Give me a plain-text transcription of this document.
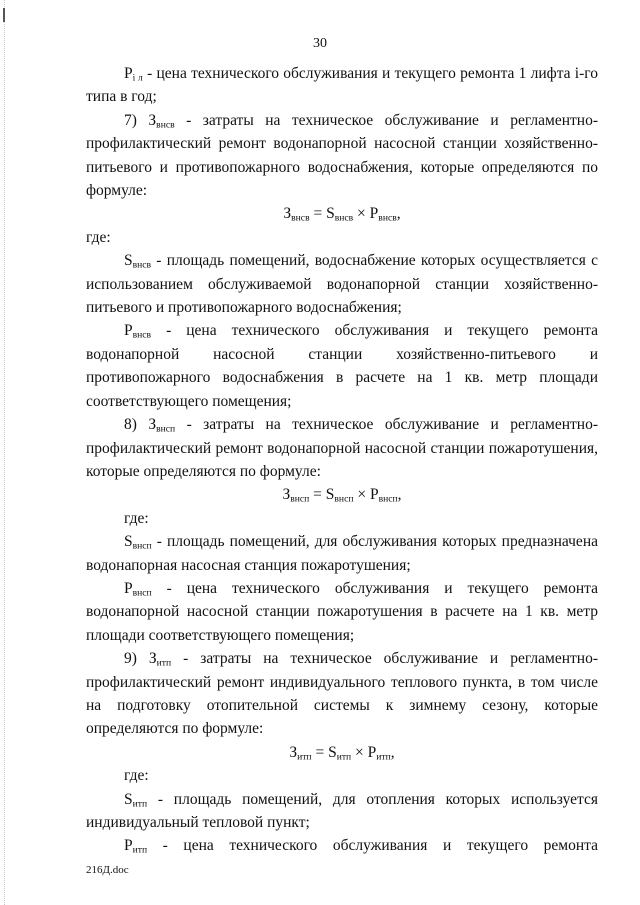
30

$P_{i л}$ - цена технического обслуживания и текущего ремонта 1 лифта i-го типа в год;

7) $З_{внсв}$ - затраты на техническое обслуживание и регламентно-профилактический ремонт водонапорной насосной станции хозяйственно-питьевого и противопожарного водоснабжения, которые определяются по формуле:

$З_{внсв} = S_{внсв} \times P_{внсв}$,

где:

$S_{внсв}$ - площадь помещений, водоснабжение которых осуществляется с использованием обслуживаемой водонапорной станции хозяйственно-питьевого и противопожарного водоснабжения;

$P_{внсв}$ - цена технического обслуживания и текущего ремонта водонапорной насосной станции хозяйственно-питьевого и противопожарного водоснабжения в расчете на 1 кв. метр площади соответствующего помещения;

8) $З_{внсп}$ - затраты на техническое обслуживание и регламентно-профилактический ремонт водонапорной насосной станции пожаротушения, которые определяются по формуле:

$З_{внсп} = S_{внсп} \times P_{внсп}$,

где:

$S_{внсп}$ - площадь помещений, для обслуживания которых предназначена водонапорная насосная станция пожаротушения;

$P_{внсп}$ - цена технического обслуживания и текущего ремонта водонапорной насосной станции пожаротушения в расчете на 1 кв. метр площади соответствующего помещения;

9) $З_{итп}$ - затраты на техническое обслуживание и регламентно-профилактический ремонт индивидуального теплового пункта, в том числе на подготовку отопительной системы к зимнему сезону, которые определяются по формуле:

$З_{итп} = S_{итп} \times P_{итп}$,

где:

$S_{итп}$ - площадь помещений, для отопления которых используется индивидуальный тепловой пункт;

$P_{итп}$ - цена технического обслуживания и текущего ремонта

216Д.doc
